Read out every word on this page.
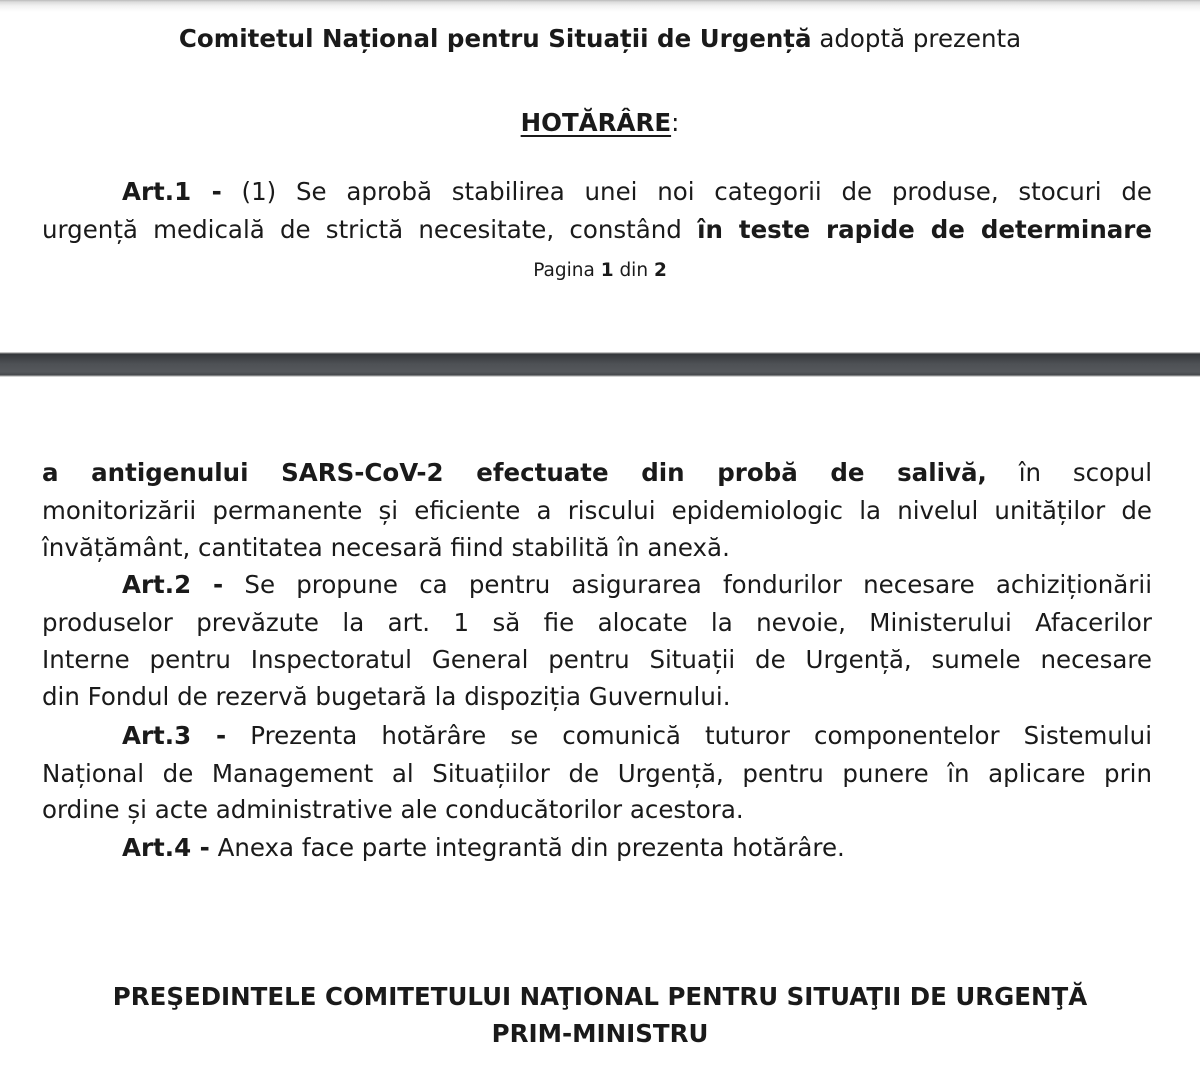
Comitetul Național pentru Situații de Urgență adoptă prezenta
HOTĂRÂRE:
Art.1 - (1) Se aprobă stabilirea unei noi categorii de produse, stocuri de
urgență medicală de strictă necesitate, constând în teste rapide de determinare
Pagina 1 din 2
a antigenului SARS-CoV-2 efectuate din probă de salivă, în scopul
monitorizării permanente și eficiente a riscului epidemiologic la nivelul unităților de
învățământ, cantitatea necesară fiind stabilită în anexă.
Art.2 - Se propune ca pentru asigurarea fondurilor necesare achiziționării
produselor prevăzute la art. 1 să fie alocate la nevoie, Ministerului Afacerilor
Interne pentru Inspectoratul General pentru Situații de Urgență, sumele necesare
din Fondul de rezervă bugetară la dispoziția Guvernului.
Art.3 - Prezenta hotărâre se comunică tuturor componentelor Sistemului
Național de Management al Situațiilor de Urgență, pentru punere în aplicare prin
ordine și acte administrative ale conducătorilor acestora.
Art.4 - Anexa face parte integrantă din prezenta hotărâre.
PREŞEDINTELE COMITETULUI NAŢIONAL PENTRU SITUAŢII DE URGENŢĂ
PRIM-MINISTRU
